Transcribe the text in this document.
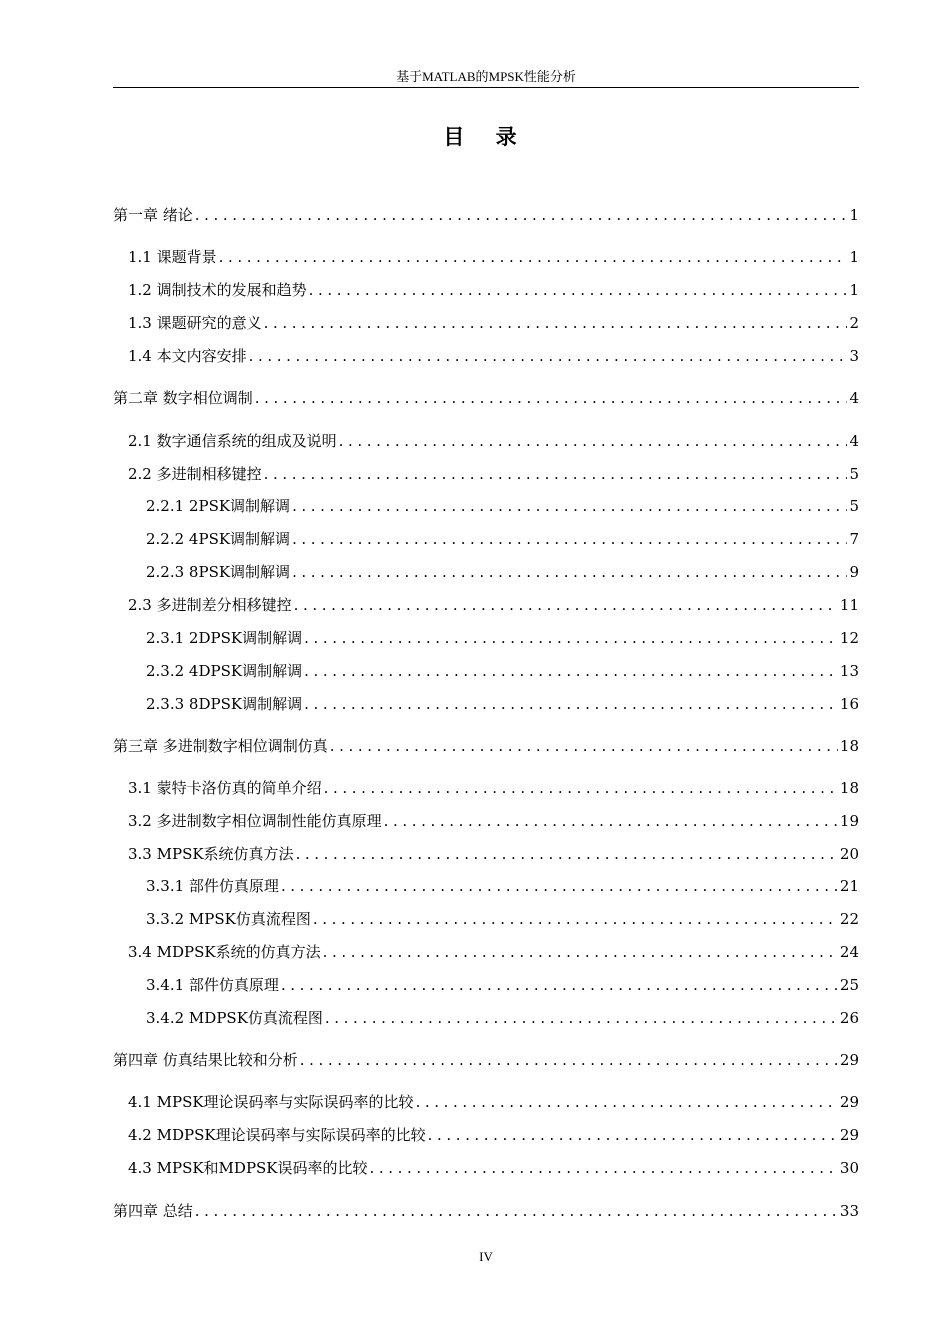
基于MATLAB的MPSK性能分析
目 录
第一章 绪论 .....	1
1.1 课题背景 .....	1
1.2 调制技术的发展和趋势 .....	1
1.3 课题研究的意义 .....	2
1.4 本文内容安排 .....	3
第二章 数字相位调制 .....	4
2.1 数字通信系统的组成及说明 .....	4
2.2 多进制相移键控 .....	5
2.2.1 2PSK调制解调 .....	5
2.2.2 4PSK调制解调 .....	7
2.2.3 8PSK调制解调 .....	9
2.3 多进制差分相移键控 .....	11
2.3.1 2DPSK调制解调 .....	12
2.3.2 4DPSK调制解调 .....	13
2.3.3 8DPSK调制解调 .....	16
第三章 多进制数字相位调制仿真 .....	18
3.1 蒙特卡洛仿真的简单介绍 .....	18
3.2 多进制数字相位调制性能仿真原理 .....	19
3.3 MPSK系统仿真方法 .....	20
3.3.1 部件仿真原理 .....	21
3.3.2 MPSK仿真流程图 .....	22
3.4 MDPSK系统的仿真方法 .....	24
3.4.1 部件仿真原理 .....	25
3.4.2 MDPSK仿真流程图 .....	26
第四章 仿真结果比较和分析 .....	29
4.1 MPSK理论误码率与实际误码率的比较 .....	29
4.2 MDPSK理论误码率与实际误码率的比较 .....	29
4.3 MPSK和MDPSK误码率的比较 .....	30
第四章 总结 .....	33
IV
